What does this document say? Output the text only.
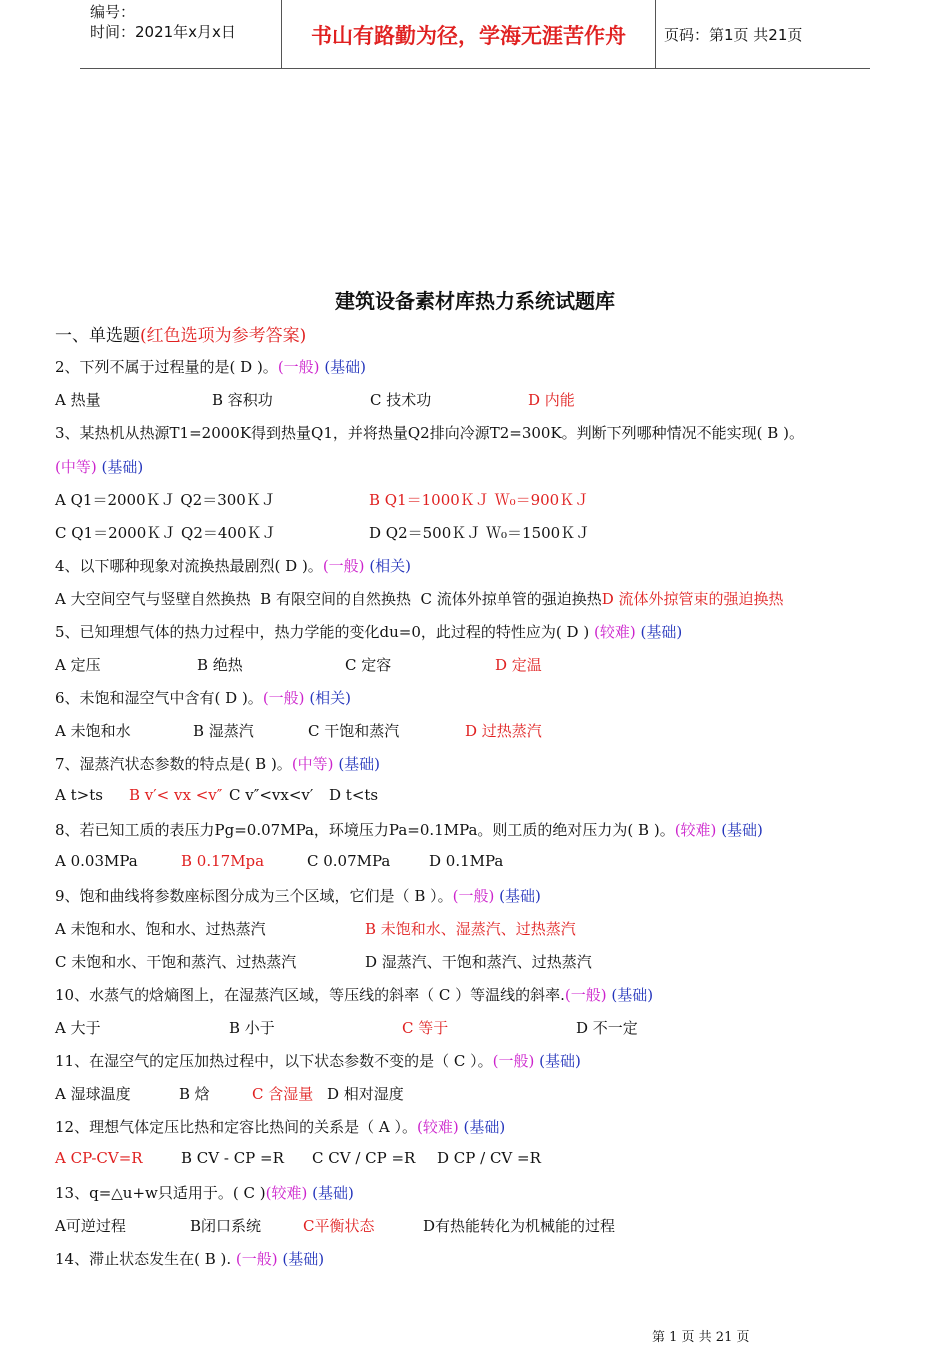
编号：
时间：2021年x月x日	书山有路勤为径，学海无涯苦作舟	页码：第1页 共21页
建筑设备素材库热力系统试题库
一、单选题(红色选项为参考答案)
2、下列不属于过程量的是( D )。(一般) (基础)
A 热量	B 容积功	C 技术功	D 内能
3、某热机从热源T1=2000K得到热量Q1，并将热量Q2排向冷源T2=300K。判断下列哪种情况不能实现( B )。
(中等) (基础)
A Q1＝2000ＫＪ Q2＝300ＫＪ	B Q1＝1000ＫＪ Ｗ₀＝900ＫＪ
C Q1＝2000ＫＪ Q2＝400ＫＪ	D Q2＝500ＫＪ Ｗ₀＝1500ＫＪ
4、以下哪种现象对流换热最剧烈( D )。(一般) (相关)
A 大空间空气与竖壁自然换热 B 有限空间的自然换热 C 流体外掠单管的强迫换热D 流体外掠管束的强迫换热
5、已知理想气体的热力过程中，热力学能的变化du=0，此过程的特性应为( D ) (较难) (基础)
A 定压	B 绝热	C 定容	D 定温
6、未饱和湿空气中含有( D )。(一般) (相关)
A 未饱和水	B 湿蒸汽	C 干饱和蒸汽	D 过热蒸汽
7、湿蒸汽状态参数的特点是( B )。(中等) (基础)
A t>ts B v′< vx <v″ C v″<vx<v′ D t<ts
8、若已知工质的表压力Pg=0.07MPa，环境压力Pa=0.1MPa。则工质的绝对压力为( B )。(较难) (基础)
A 0.03MPa	B 0.17Mpa	C 0.07MPa	D 0.1MPa
9、饱和曲线将参数座标图分成为三个区域，它们是（ B ）。(一般) (基础)
A 未饱和水、饱和水、过热蒸汽	B 未饱和水、湿蒸汽、过热蒸汽
C 未饱和水、干饱和蒸汽、过热蒸汽	D 湿蒸汽、干饱和蒸汽、过热蒸汽
10、水蒸气的焓熵图上，在湿蒸汽区域，等压线的斜率（ C ）等温线的斜率.(一般) (基础)
A 大于	B 小于	C 等于	D 不一定
11、在湿空气的定压加热过程中，以下状态参数不变的是（ C ）。(一般) (基础)
A 湿球温度	B 焓	C 含湿量 D 相对湿度
12、理想气体定压比热和定容比热间的关系是（ A ）。(较难) (基础)
A CP-CV=R	B CV - CP =R C CV / CP =R D CP / CV =R
13、q=△u+w只适用于。( C )(较难) (基础)
A可逆过程	B闭口系统	C平衡状态	D有热能转化为机械能的过程
14、滞止状态发生在( B ). (一般) (基础)
第 1 页 共 21 页
